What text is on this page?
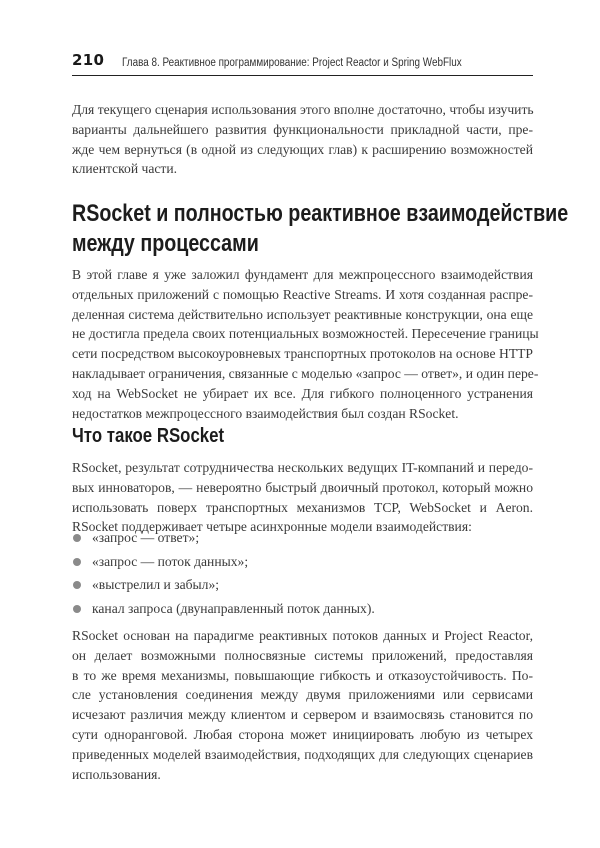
210	Глава 8. Реактивное программирование: Project Reactor и Spring WebFlux

Для текущего сценария использования этого вполне достаточно, чтобы изучить
варианты дальнейшего развития функциональности прикладной части, пре-
жде чем вернуться (в одной из следующих глав) к расширению возможностей
клиентской части.

RSocket и полностью реактивное взаимодействие
между процессами

В этой главе я уже заложил фундамент для межпроцессного взаимодействия
отдельных приложений с помощью Reactive Streams. И хотя созданная распре-
деленная система действительно использует реактивные конструкции, она еще
не достигла предела своих потенциальных возможностей. Пересечение границы
сети посредством высокоуровневых транспортных протоколов на основе HTTP
накладывает ограничения, связанные с моделью «запрос — ответ», и один пере-
ход на WebSocket не убирает их все. Для гибкого полноценного устранения
недостатков межпроцессного взаимодействия был создан RSocket.

Что такое RSocket

RSocket, результат сотрудничества нескольких ведущих IT-компаний и передо-
вых инноваторов, — невероятно быстрый двоичный протокол, который можно
использовать поверх транспортных механизмов TCP, WebSocket и Aeron.
RSocket поддерживает четыре асинхронные модели взаимодействия:

«запрос — ответ»;
«запрос — поток данных»;
«выстрелил и забыл»;
канал запроса (двунаправленный поток данных).

RSocket основан на парадигме реактивных потоков данных и Project Reactor,
он делает возможными полносвязные системы приложений, предоставляя
в то же время механизмы, повышающие гибкость и отказоустойчивость. По-
сле установления соединения между двумя приложениями или сервисами
исчезают различия между клиентом и сервером и взаимосвязь становится по
сути одноранговой. Любая сторона может инициировать любую из четырех
приведенных моделей взаимодействия, подходящих для следующих сценариев
использования.
